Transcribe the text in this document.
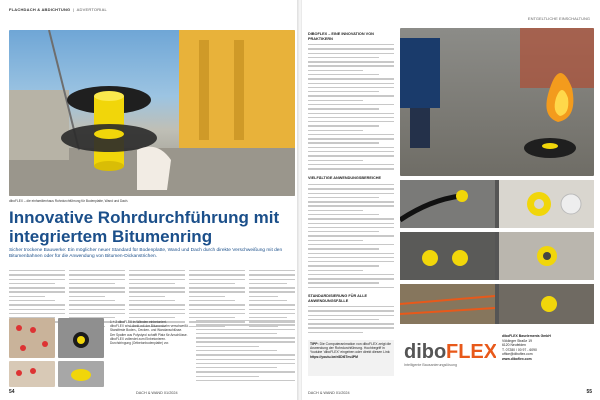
FLACHDACH & ABDICHTUNG  |  ADVERTORIAL
diboFLEX – die einfamilienhaus Rohrdurchführung für Bodenplatte, Wand und Dach.
Innovative Rohrdurchführung mit integriertem Bitumenring
Sicher trockene Bauwerke: Ein möglicher neuer Standard für Bodenplatte, Wand und Dach durch direkte Verschweißung mit den Bitumenbahnen oder für die Anwendung von Bitumen-Dickanstrichen.
1 + 2 diboFLEX in Wänden einbetoniert.
diboFLEX wird direkt mit der Bitumenbahn verschweißt.
Standfeste Boden-, Decken- und Wandanschlüsse.
Der Spalter aus Polystyrol schafft Platz für Anschlüsse.
diboFLEX vollendet zum Einbetonieren.
Durchdringung (Ortbetonbodenplatte) vor.
54	DACH & WAND 01/2024
ENTGELTLICHE EINSCHALTUNG
DIBOFLEX – EINE INNOVATION VON PRAKTIKERN
VIELFÄLTIGE ANWENDUNGSBEREICHE
STANDARDISIERUNG FÜR ALLE ANWENDUNGSFÄLLE
TIPP: Die Computeranimation von diboFLEX zeigt die Anwendung der Rohrdurchführung. Hochbegriff in Youtube 'diboFLEX' eingeben oder direkt diesen Link:
https://youtu.be/e8Dl6Tes4PM	dibo FLEX
Intelligente Bausanierungslösung
diboFLEX Baselements GmbH
Vöklinger Straße 19
6120 Neufelden
T. 07280 / 00 97 - 6090
office@diboflex.com
www.diboflex.com
DACH & WAND 01/2024	55
